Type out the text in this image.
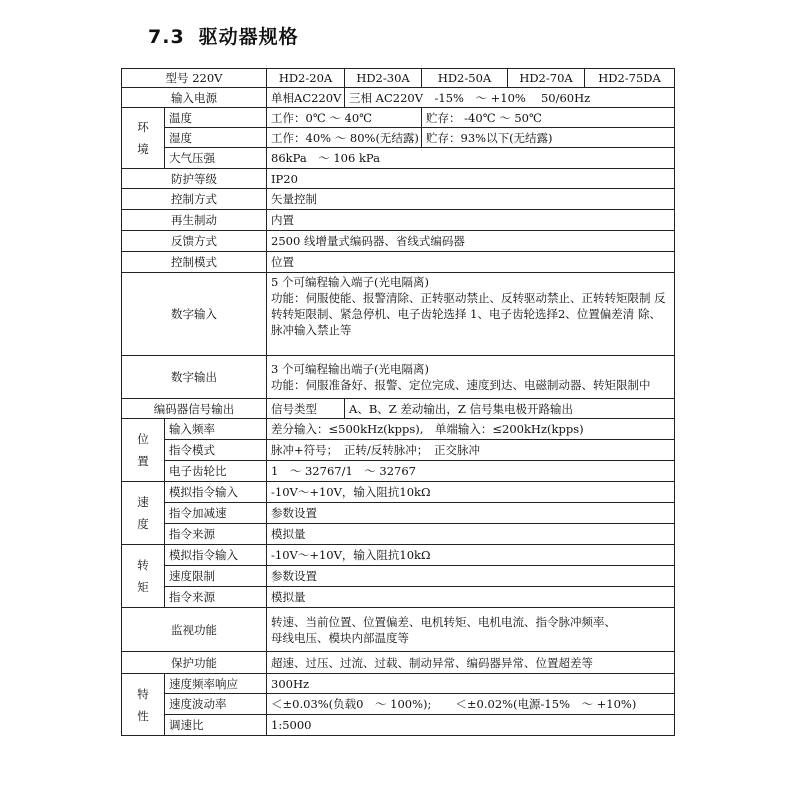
7.3 驱动器规格
型号 220V		HD2-20A	HD2-30A	HD2-50A	HD2-70A	HD2-75DA
输入电源		单相AC220V	三相 AC220V　-15%　～ +10%　 50/60Hz			

环
境	温度	工作：0℃ ～ 40℃		贮存： -40℃ ～ 50℃		
	湿度	工作：40% ～ 80%(无结露)		贮存：93%以下(无结露)		
	大气压强	86kPa　～ 106 kPa				
防护等级		IP20				
控制方式		矢量控制				
再生制动		内置				
反馈方式		2500 线增量式编码器、省线式编码器				
控制模式		位置				
数字输入		5 个可编程输入端子(光电隔离)
功能：伺服使能、报警清除、正转驱动禁止、反转驱动禁止、正转转矩限制 反
转转矩限制、紧急停机、电子齿轮选择 1、电子齿轮选择2、位置偏差清 除、
脉冲输入禁止等				

数字输出		3 个可编程输出端子(光电隔离)
功能：伺服准备好、报警、定位完成、速度到达、电磁制动器、转矩限制中				

编码器信号输出		信号类型	A、B、Z 差动输出，Z 信号集电极开路输出			

位
置	输入频率	差分输入：≤500kHz(kpps),　单端输入：≤200kHz(kpps)				
	指令模式	脉冲+符号；　正转/反转脉冲；　正交脉冲				
	电子齿轮比	1　～ 32767/1　～ 32767				

速
度	模拟指令输入	-10V～+10V，输入阻抗10kΩ				
	指令加减速	参数设置				
	指令来源	模拟量				

转
矩	模拟指令输入	-10V～+10V，输入阻抗10kΩ				
	速度限制	参数设置				
	指令来源	模拟量				
监视功能		转速、当前位置、位置偏差、电机转矩、电机电流、指令脉冲频率、
母线电压、模块内部温度等				

保护功能		超速、过压、过流、过载、制动异常、编码器异常、位置超差等				

特
性	速度频率响应	300Hz				
	速度波动率	＜±0.03%(负载0　～ 100%); ＜±0.02%(电源-15%　～ +10%)				
	调速比	1:5000				
